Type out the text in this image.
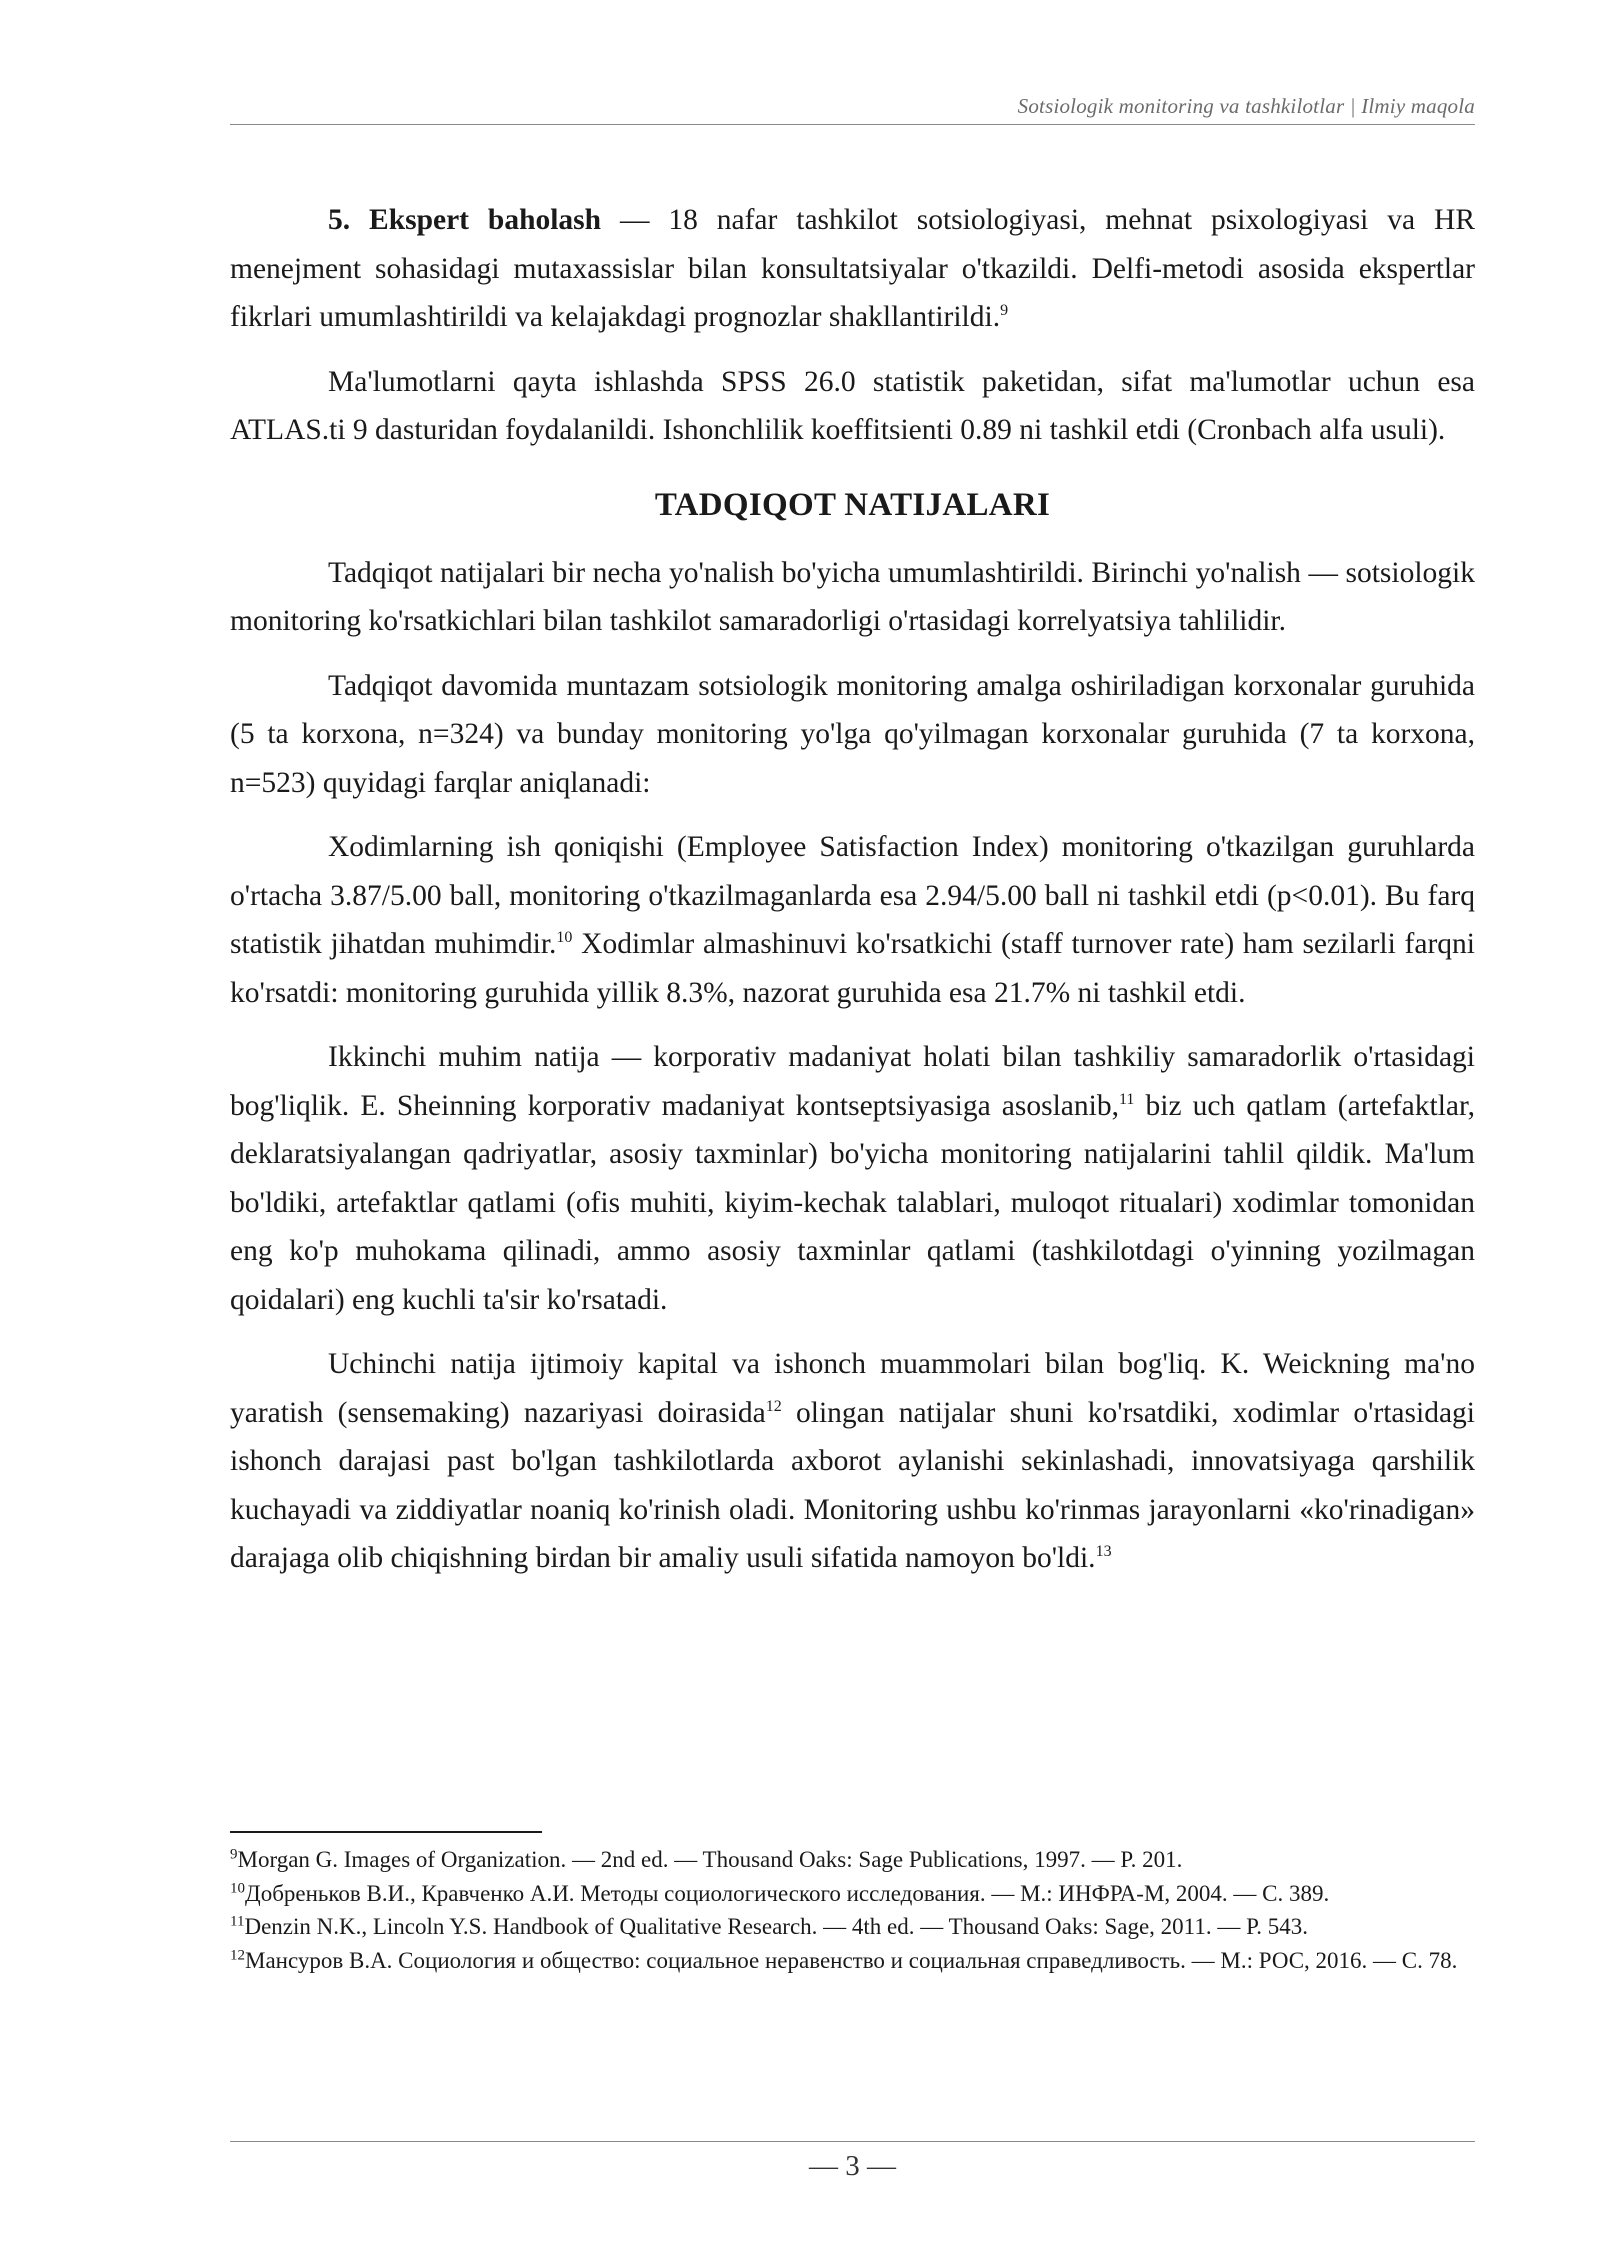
Sotsiologik monitoring va tashkilotlar | Ilmiy maqola

5. Ekspert baholash — 18 nafar tashkilot sotsiologiyasi, mehnat psixologiyasi va HR menejment sohasidagi mutaxassislar bilan konsultatsiyalar o'tkazildi. Delfi-metodi asosida ekspertlar fikrlari umumlashtirildi va kelajakdagi prognozlar shakllantirildi.$^9$

Ma'lumotlarni qayta ishlashda SPSS 26.0 statistik paketidan, sifat ma'lumotlar uchun esa ATLAS.ti 9 dasturidan foydalanildi. Ishonchlilik koeffitsienti 0.89 ni tashkil etdi (Cronbach alfa usuli).

TADQIQOT NATIJALARI

Tadqiqot natijalari bir necha yo'nalish bo'yicha umumlashtirildi. Birinchi yo'nalish — sotsiologik monitoring ko'rsatkichlari bilan tashkilot samaradorligi o'rtasidagi korrelyatsiya tahlilidir.

Tadqiqot davomida muntazam sotsiologik monitoring amalga oshiriladigan korxonalar guruhida (5 ta korxona, n=324) va bunday monitoring yo'lga qo'yilmagan korxonalar guruhida (7 ta korxona, n=523) quyidagi farqlar aniqlanadi:

Xodimlarning ish qoniqishi (Employee Satisfaction Index) monitoring o'tkazilgan guruhlarda o'rtacha 3.87/5.00 ball, monitoring o'tkazilmaganlarda esa 2.94/5.00 ball ni tashkil etdi (p<0.01). Bu farq statistik jihatdan muhimdir.$^{10}$ Xodimlar almashinuvi ko'rsatkichi (staff turnover rate) ham sezilarli farqni ko'rsatdi: monitoring guruhida yillik 8.3%, nazorat guruhida esa 21.7% ni tashkil etdi.

Ikkinchi muhim natija — korporativ madaniyat holati bilan tashkiliy samaradorlik o'rtasidagi bog'liqlik. E. Sheinning korporativ madaniyat kontseptsiyasiga asoslanib,$^{11}$ biz uch qatlam (artefaktlar, deklaratsiyalangan qadriyatlar, asosiy taxminlar) bo'yicha monitoring natijalarini tahlil qildik. Ma'lum bo'ldiki, artefaktlar qatlami (ofis muhiti, kiyim-kechak talablari, muloqot ritualari) xodimlar tomonidan eng ko'p muhokama qilinadi, ammo asosiy taxminlar qatlami (tashkilotdagi o'yinning yozilmagan qoidalari) eng kuchli ta'sir ko'rsatadi.

Uchinchi natija ijtimoiy kapital va ishonch muammolari bilan bog'liq. K. Weickning ma'no yaratish (sensemaking) nazariyasi doirasida$^{12}$ olingan natijalar shuni ko'rsatdiki, xodimlar o'rtasidagi ishonch darajasi past bo'lgan tashkilotlarda axborot aylanishi sekinlashadi, innovatsiyaga qarshilik kuchayadi va ziddiyatlar noaniq ko'rinish oladi. Monitoring ushbu ko'rinmas jarayonlarni «ko'rinadigan» darajaga olib chiqishning birdan bir amaliy usuli sifatida namoyon bo'ldi.$^{13}$

$^9$Morgan G. Images of Organization. — 2nd ed. — Thousand Oaks: Sage Publications, 1997. — P. 201.

$^{10}$Добреньков В.И., Кравченко А.И. Методы социологического исследования. — М.: ИНФРА-М, 2004. — С. 389.

$^{11}$Denzin N.K., Lincoln Y.S. Handbook of Qualitative Research. — 4th ed. — Thousand Oaks: Sage, 2011. — P. 543.

$^{12}$Мансуров В.А. Социология и общество: социальное неравенство и социальная справедливость. — М.: РОС, 2016. — С. 78.

— 3 —
